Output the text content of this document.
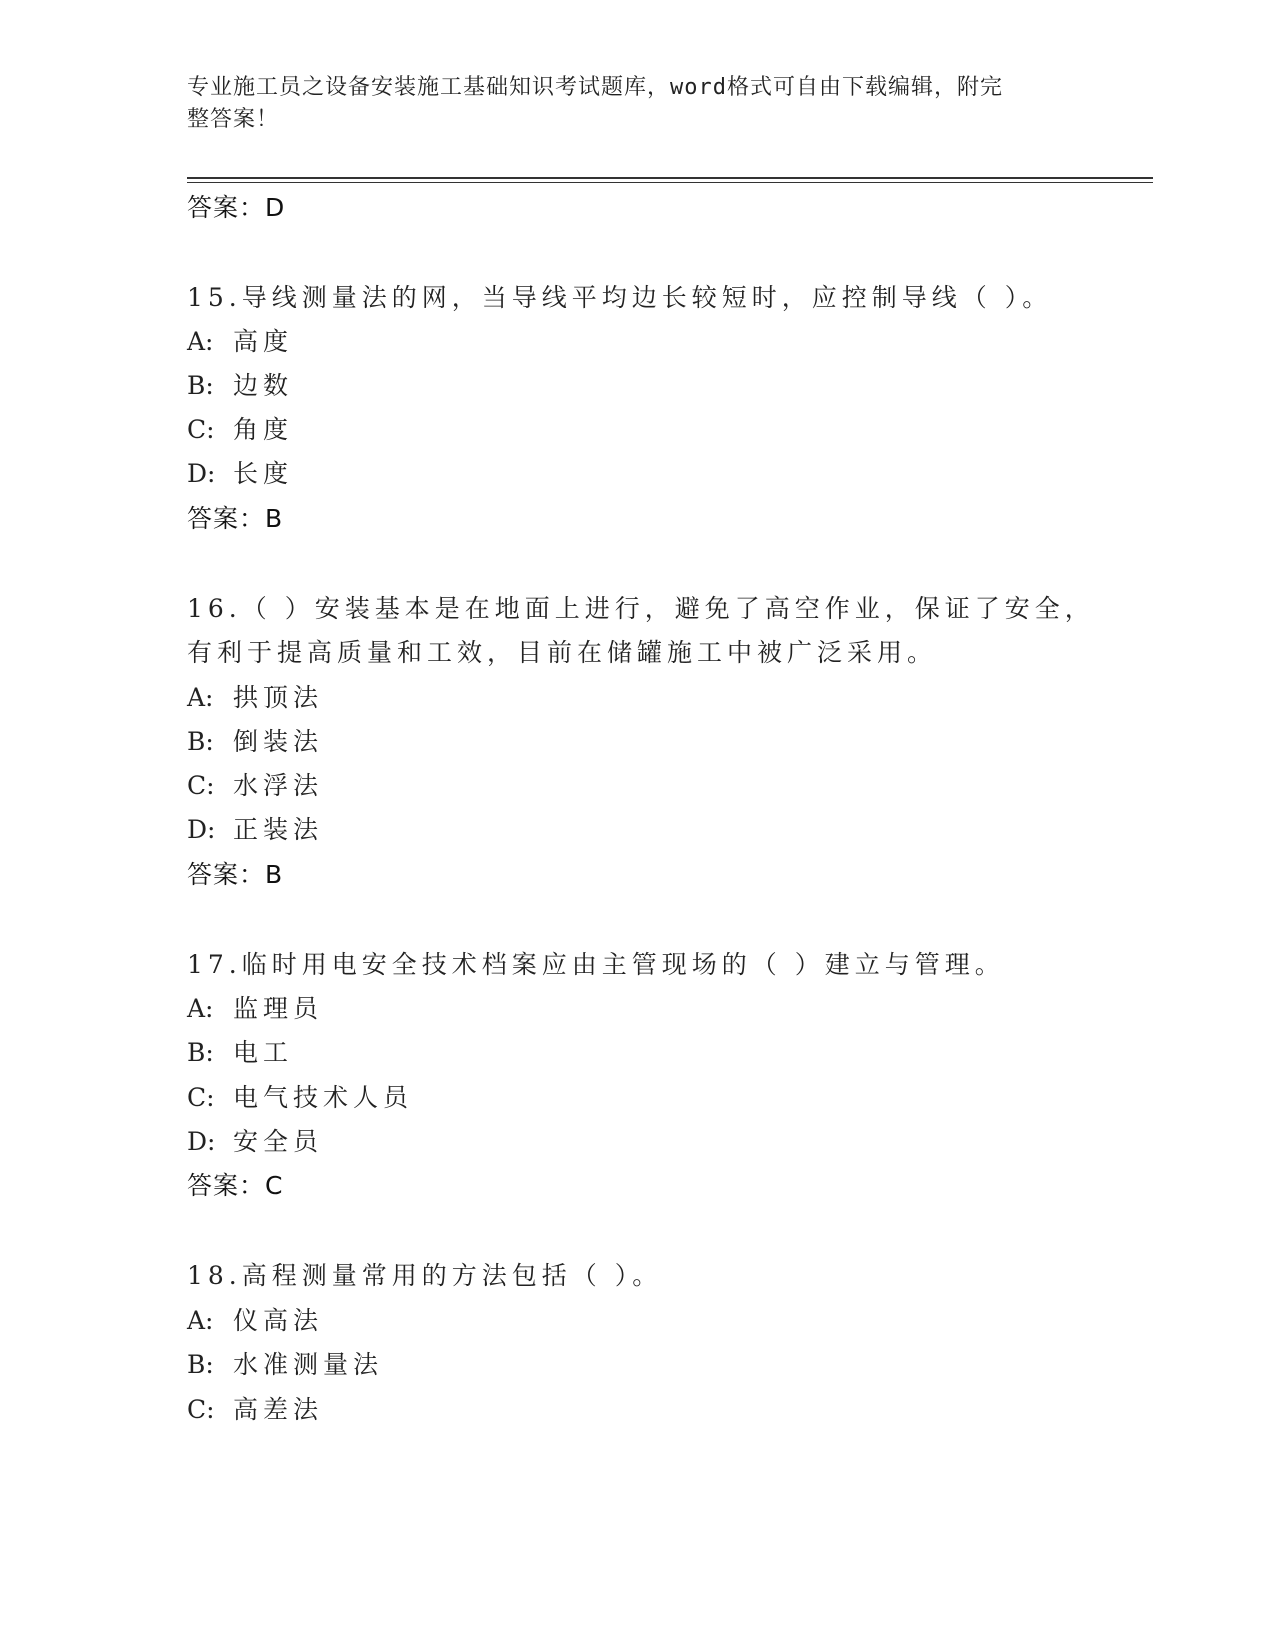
专业施工员之设备安装施工基础知识考试题库，word格式可自由下载编辑，附完
整答案！
答案：D
15.导线测量法的网，当导线平均边长较短时，应控制导线（ ）。
A: 高度
B: 边数
C: 角度
D: 长度
答案：B
16.（ ）安装基本是在地面上进行，避免了高空作业，保证了安全，
有利于提高质量和工效，目前在储罐施工中被广泛采用。
A: 拱顶法
B: 倒装法
C: 水浮法
D: 正装法
答案：B
17.临时用电安全技术档案应由主管现场的（ ）建立与管理。
A: 监理员
B: 电工
C: 电气技术人员
D: 安全员
答案：C
18.高程测量常用的方法包括（ ）。
A: 仪高法
B: 水准测量法
C: 高差法
